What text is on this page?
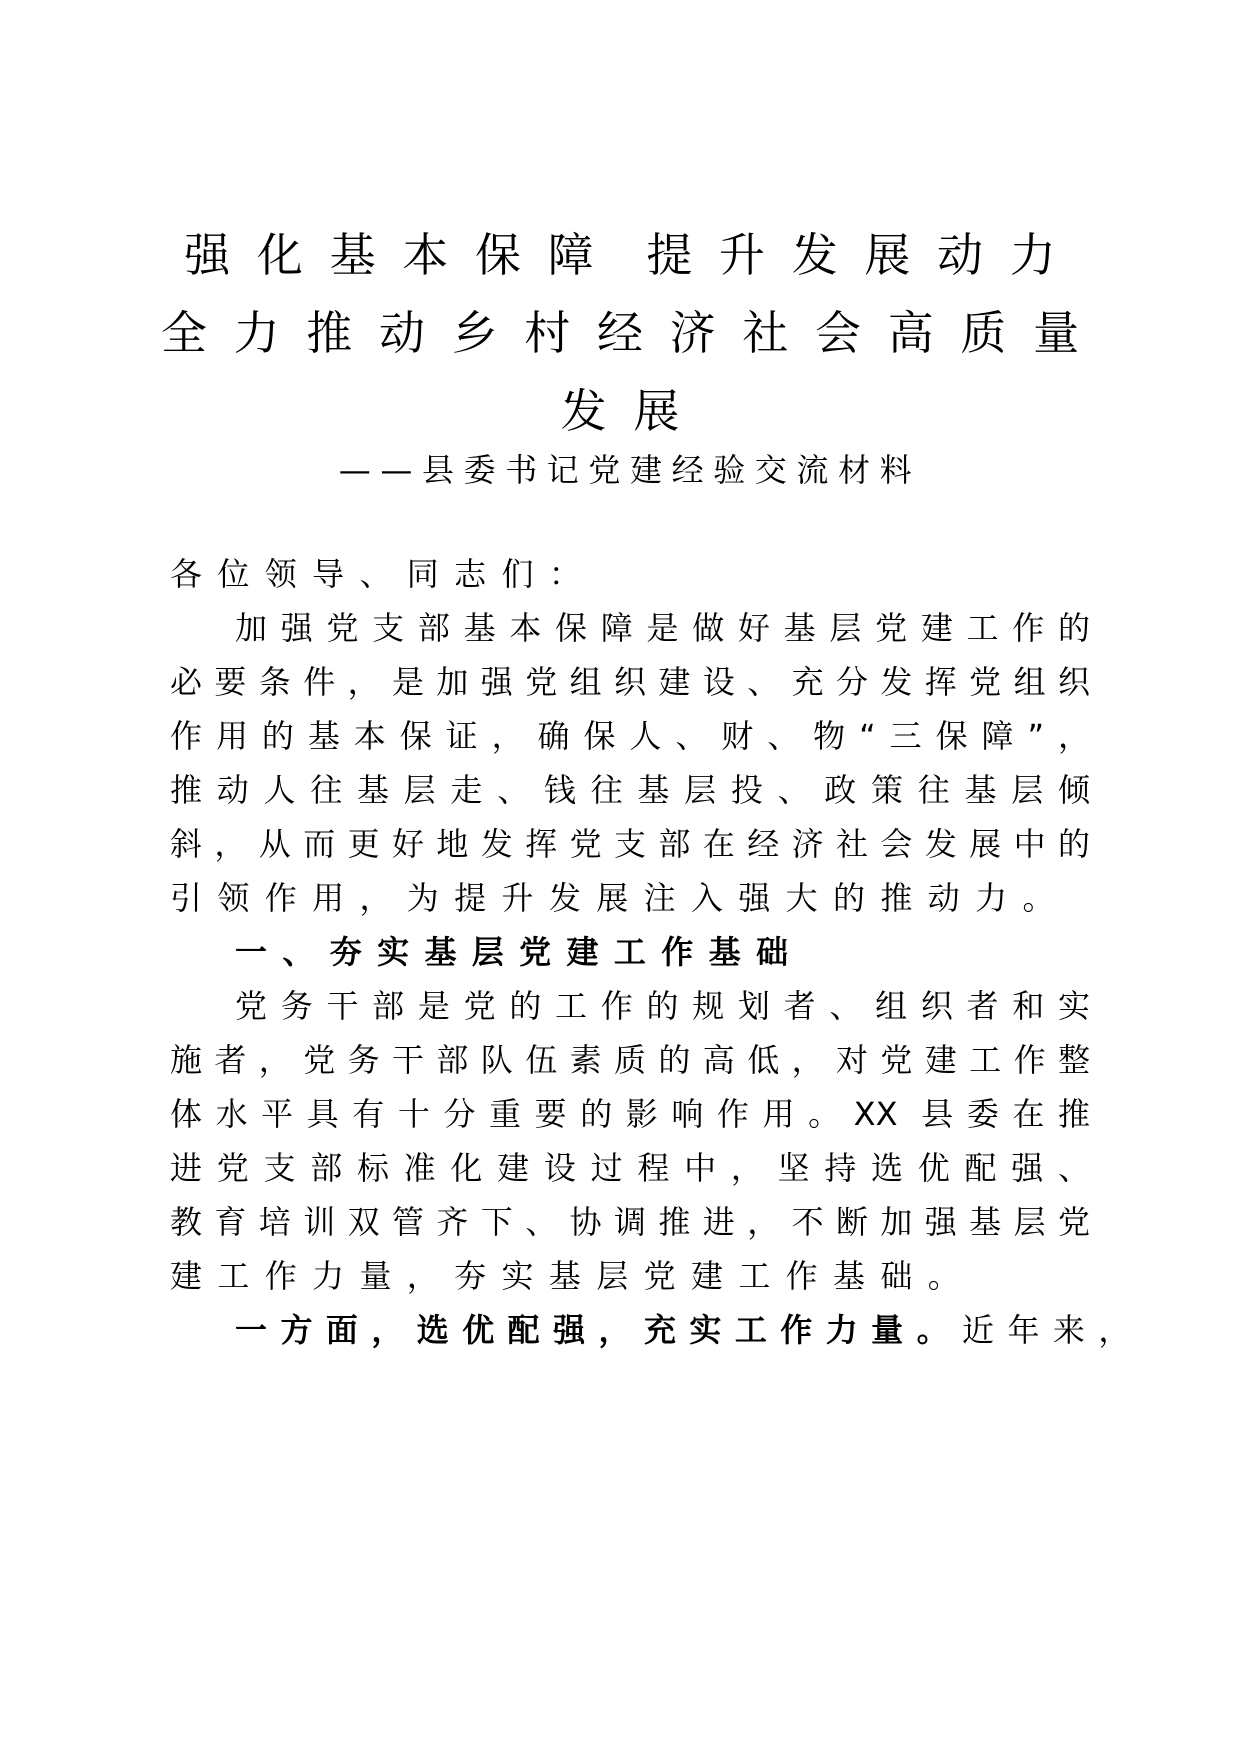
强化基本保障 提升发展动力
全力推动乡村经济社会高质量
发展
——县委书记党建经验交流材料
各位领导、同志们：
加强党支部基本保障是做好基层党建工作的
必要条件，是加强党组织建设、充分发挥党组织
作用的基本保证，确保人、财、物“三保障”，
推动人往基层走、钱往基层投、政策往基层倾
斜，从而更好地发挥党支部在经济社会发展中的
引领作用，为提升发展注入强大的推动力。
一、夯实基层党建工作基础
党务干部是党的工作的规划者、组织者和实
施者，党务干部队伍素质的高低，对党建工作整
体水平具有十分重要的影响作用。XX 县委在推
进党支部标准化建设过程中，坚持选优配强、
教育培训双管齐下、协调推进，不断加强基层党
建工作力量，夯实基层党建工作基础。
一方面，选优配强，充实工作力量。近年来，
